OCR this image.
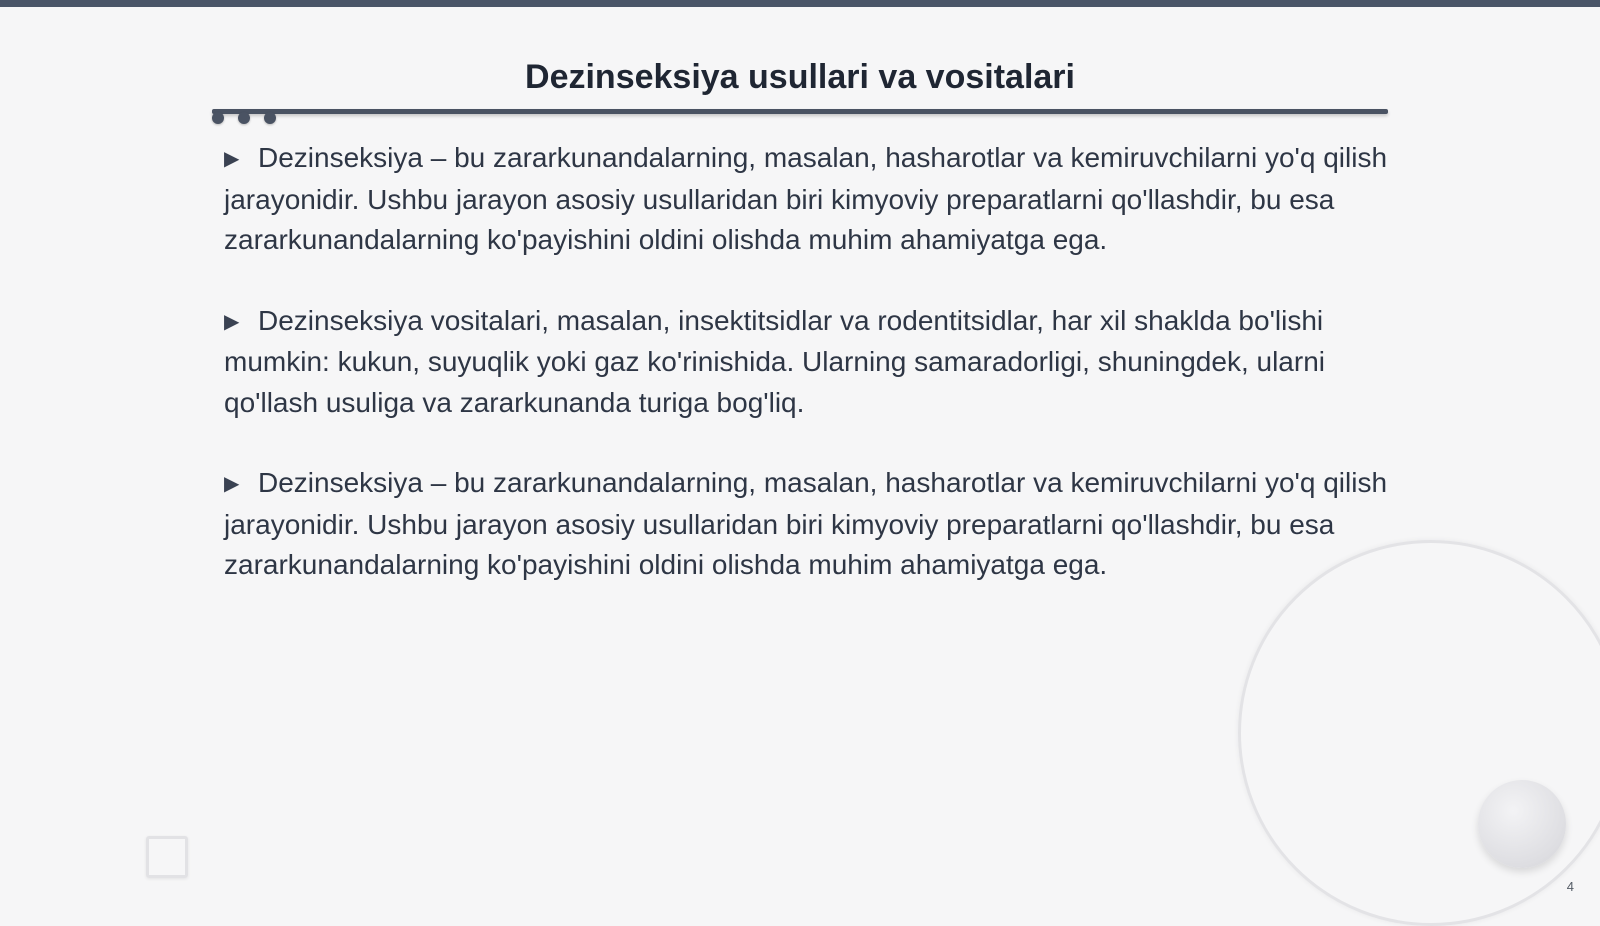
Dezinseksiya usullari va vositalari

▶ Dezinseksiya – bu zararkunandalarning, masalan, hasharotlar va kemiruvchilarni yo'q qilish jarayonidir. Ushbu jarayon asosiy usullaridan biri kimyoviy preparatlarni qo'llashdir, bu esa zararkunandalarning ko'payishini oldini olishda muhim ahamiyatga ega.

▶ Dezinseksiya vositalari, masalan, insektitsidlar va rodentitsidlar, har xil shaklda bo'lishi mumkin: kukun, suyuqlik yoki gaz ko'rinishida. Ularning samaradorligi, shuningdek, ularni qo'llash usuliga va zararkunanda turiga bog'liq.

▶ Dezinseksiya – bu zararkunandalarning, masalan, hasharotlar va kemiruvchilarni yo'q qilish jarayonidir. Ushbu jarayon asosiy usullaridan biri kimyoviy preparatlarni qo'llashdir, bu esa zararkunandalarning ko'payishini oldini olishda muhim ahamiyatga ega.

4
